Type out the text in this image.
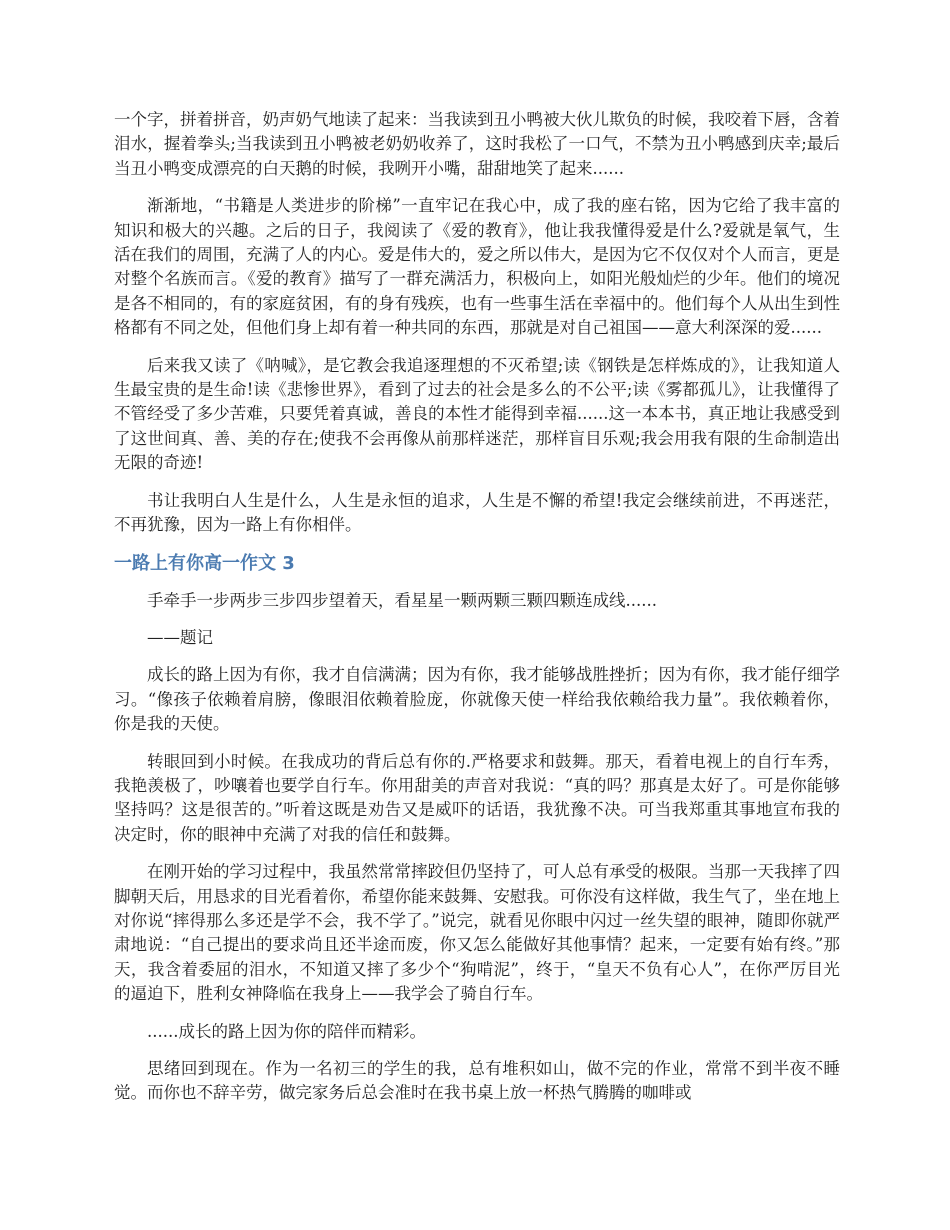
一个字，拼着拼音，奶声奶气地读了起来：当我读到丑小鸭被大伙儿欺负的时候，我咬着下唇，含着泪水，握着拳头;当我读到丑小鸭被老奶奶收养了，这时我松了一口气，不禁为丑小鸭感到庆幸;最后当丑小鸭变成漂亮的白天鹅的时候，我咧开小嘴，甜甜地笑了起来......

渐渐地，“书籍是人类进步的阶梯”一直牢记在我心中，成了我的座右铭，因为它给了我丰富的知识和极大的兴趣。之后的日子，我阅读了《爱的教育》，他让我我懂得爱是什么?爱就是氧气，生活在我们的周围，充满了人的内心。爱是伟大的，爱之所以伟大，是因为它不仅仅对个人而言，更是对整个名族而言。《爱的教育》描写了一群充满活力，积极向上，如阳光般灿烂的少年。他们的境况是各不相同的，有的家庭贫困，有的身有残疾，也有一些事生活在幸福中的。他们每个人从出生到性格都有不同之处，但他们身上却有着一种共同的东西，那就是对自己祖国——意大利深深的爱......

后来我又读了《呐喊》，是它教会我追逐理想的不灭希望;读《钢铁是怎样炼成的》，让我知道人生最宝贵的是生命!读《悲惨世界》，看到了过去的社会是多么的不公平;读《雾都孤儿》，让我懂得了不管经受了多少苦难，只要凭着真诚，善良的本性才能得到幸福......这一本本书，真正地让我感受到了这世间真、善、美的存在;使我不会再像从前那样迷茫，那样盲目乐观;我会用我有限的生命制造出无限的奇迹!

书让我明白人生是什么，人生是永恒的追求，人生是不懈的希望!我定会继续前进，不再迷茫，不再犹豫，因为一路上有你相伴。

一路上有你高一作文 3

手牵手一步两步三步四步望着天，看星星一颗两颗三颗四颗连成线......

——题记

成长的路上因为有你，我才自信满满；因为有你，我才能够战胜挫折；因为有你，我才能仔细学习。“像孩子依赖着肩膀，像眼泪依赖着脸庞，你就像天使一样给我依赖给我力量”。我依赖着你，你是我的天使。

转眼回到小时候。在我成功的背后总有你的.严格要求和鼓舞。那天，看着电视上的自行车秀，我艳羡极了，吵嚷着也要学自行车。你用甜美的声音对我说：“真的吗？那真是太好了。可是你能够坚持吗？这是很苦的。”听着这既是劝告又是威吓的话语，我犹豫不决。可当我郑重其事地宣布我的决定时，你的眼神中充满了对我的信任和鼓舞。

在刚开始的学习过程中，我虽然常常摔跤但仍坚持了，可人总有承受的极限。当那一天我摔了四脚朝天后，用恳求的目光看着你，希望你能来鼓舞、安慰我。可你没有这样做，我生气了，坐在地上对你说“摔得那么多还是学不会，我不学了。”说完，就看见你眼中闪过一丝失望的眼神，随即你就严肃地说：“自己提出的要求尚且还半途而废，你又怎么能做好其他事情？起来，一定要有始有终。”那天，我含着委屈的泪水，不知道又摔了多少个“狗啃泥”，终于，“皇天不负有心人”，在你严厉目光的逼迫下，胜利女神降临在我身上——我学会了骑自行车。

......成长的路上因为你的陪伴而精彩。

思绪回到现在。作为一名初三的学生的我，总有堆积如山，做不完的作业，常常不到半夜不睡觉。而你也不辞辛劳，做完家务后总会准时在我书桌上放一杯热气腾腾的咖啡或
